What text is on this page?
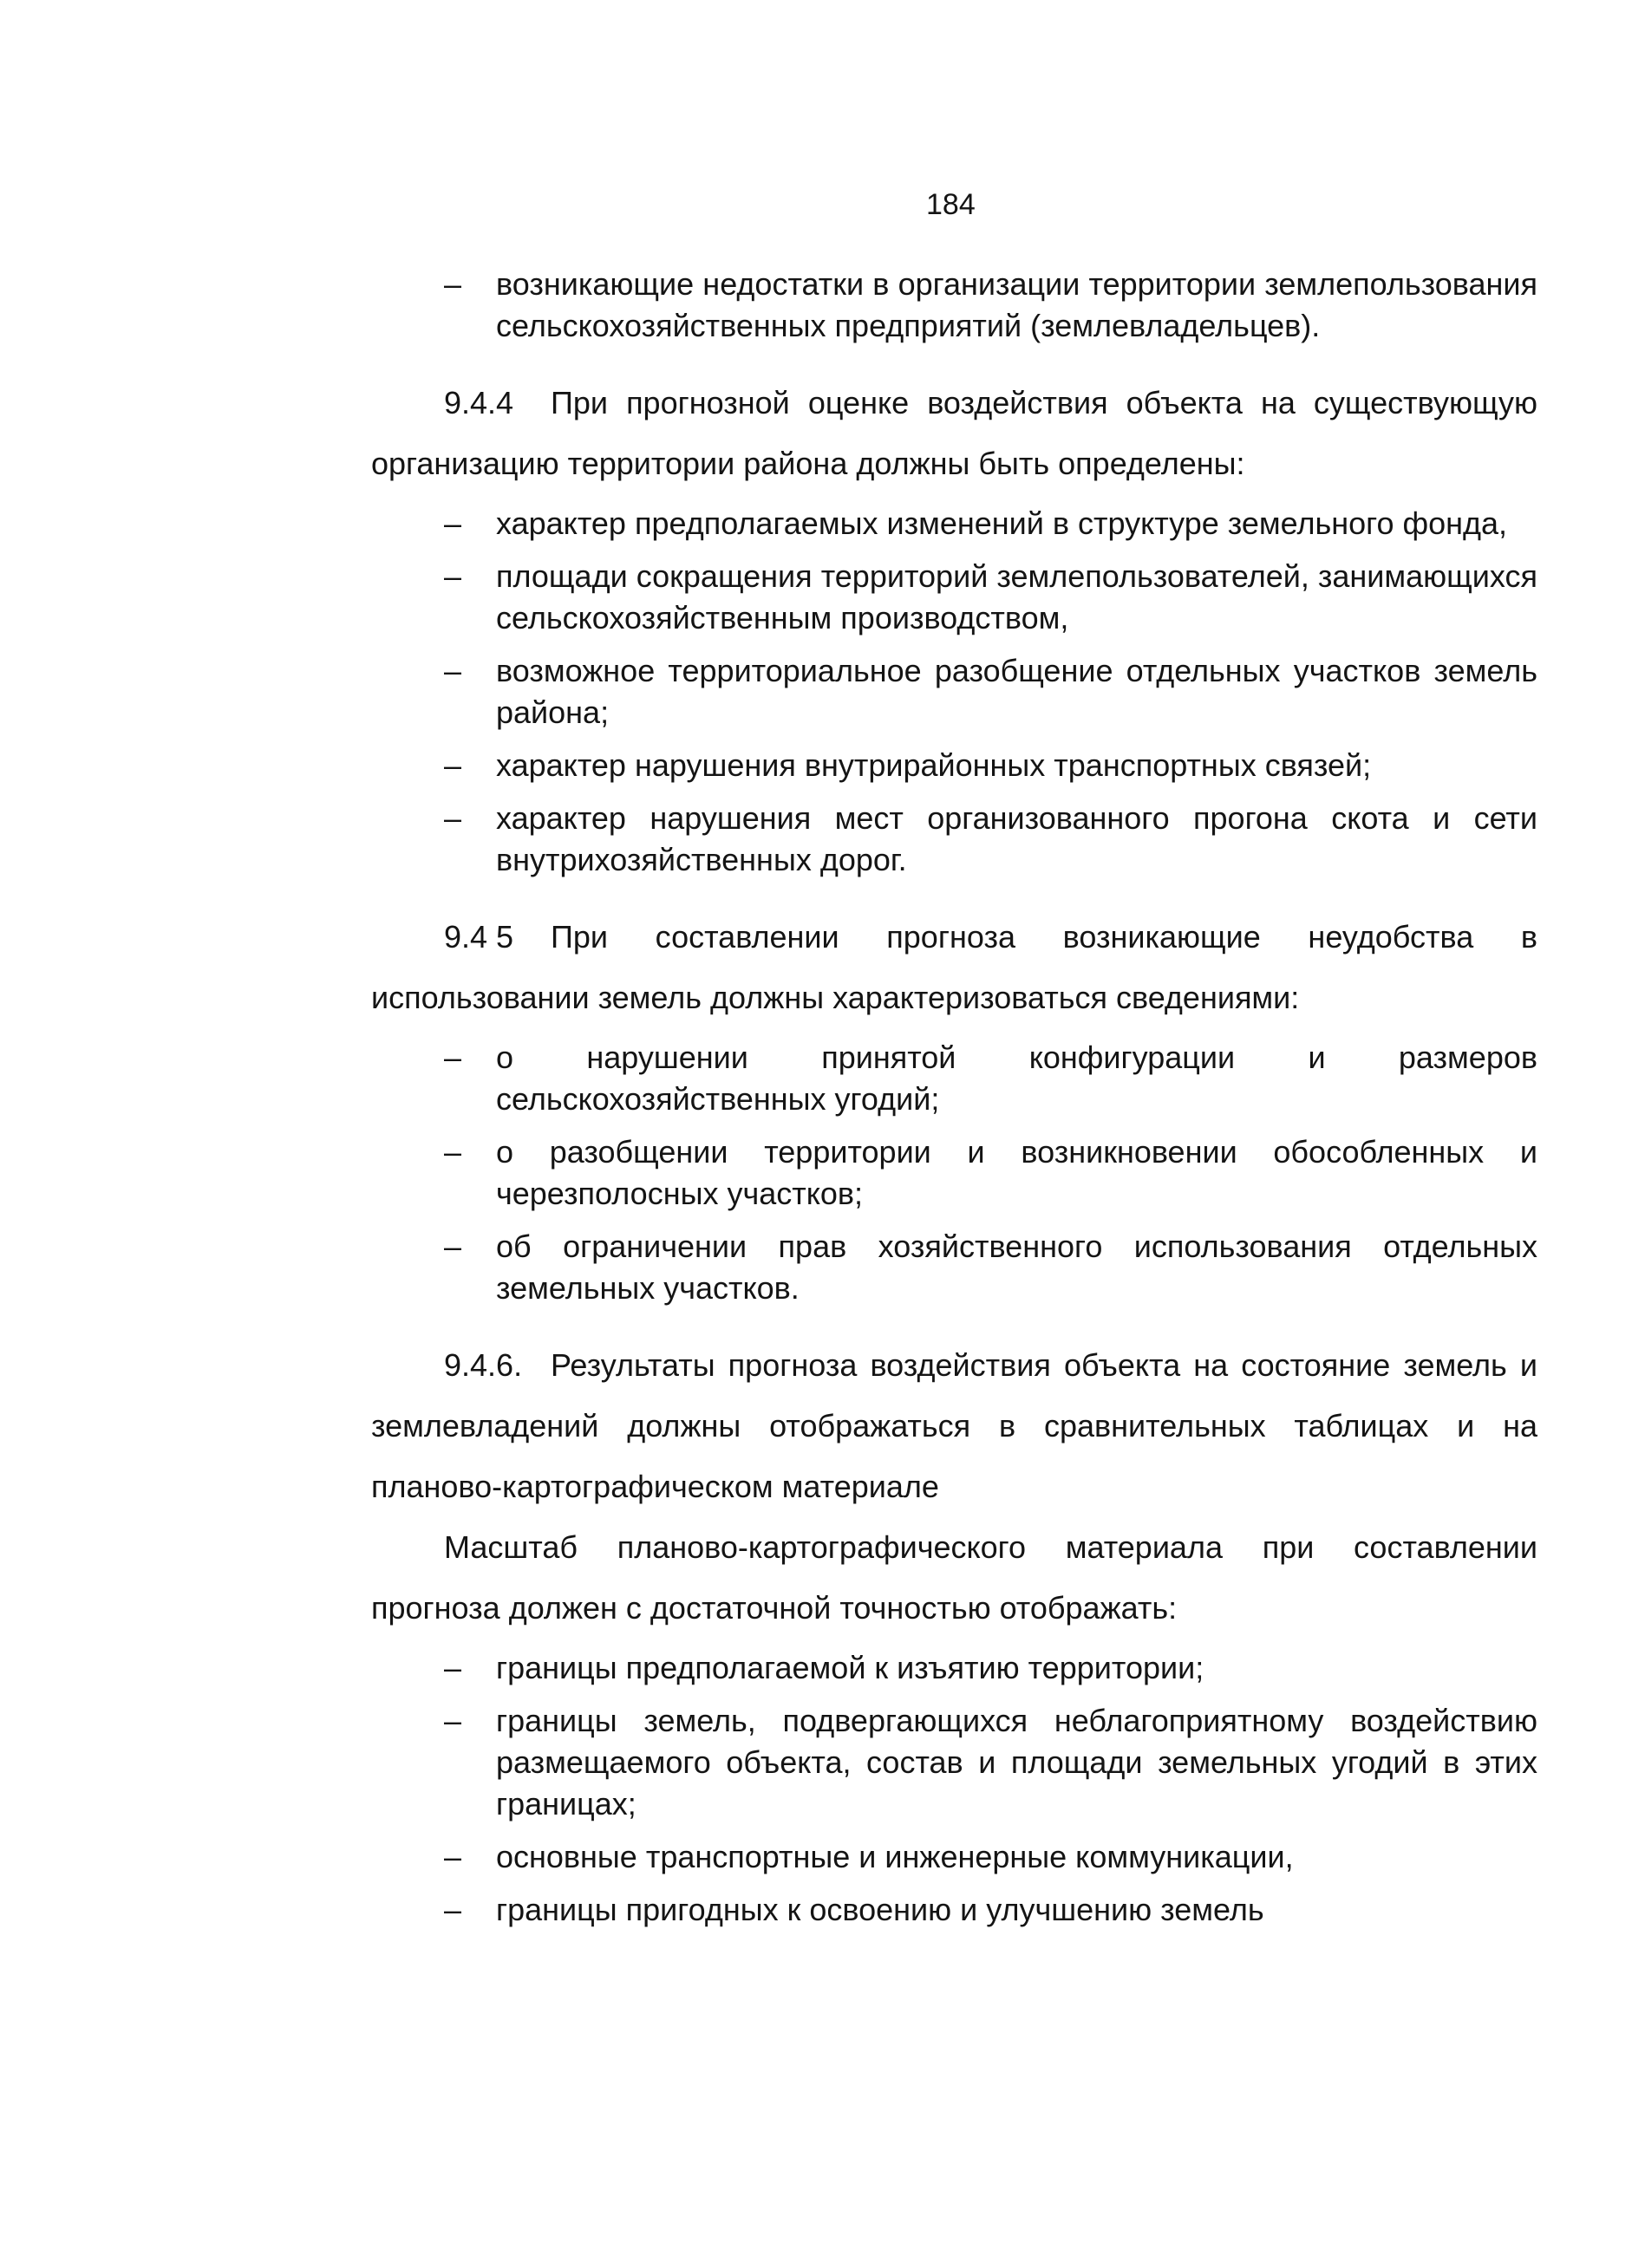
184

– возникающие недостатки в организации территории землепользования сельскохозяйственных предприятий (землевладельцев).

9.4.4 При прогнозной оценке воздействия объекта на существующую организацию территории района должны быть определены:

– характер предполагаемых изменений в структуре земельного фонда,

– площади сокращения территорий землепользователей, занимающихся сельскохозяйственным производством,

– возможное территориальное разобщение отдельных участков земель района;

– характер нарушения внутрирайонных транспортных связей;

– характер нарушения мест организованного прогона скота и сети внутрихозяйственных дорог.

9.4 5 При составлении прогноза возникающие неудобства в использовании земель должны характеризоваться сведениями:

– о нарушении принятой конфигурации и размеров сельскохозяйственных угодий;

– о разобщении территории и возникновении обособленных и черезполосных участков;

– об ограничении прав хозяйственного использования отдельных земельных участков.

9.4.6. Результаты прогноза воздействия объекта на состояние земель и землевладений должны отображаться в сравнительных таблицах и на планово-картографическом материале

Масштаб планово-картографического материала при составлении прогноза должен с достаточной точностью отображать:

– границы предполагаемой к изъятию территории;

– границы земель, подвергающихся неблагоприятному воздействию размещаемого объекта, состав и площади земельных угодий в этих границах;

– основные транспортные и инженерные коммуникации,

– границы пригодных к освоению и улучшению земель
